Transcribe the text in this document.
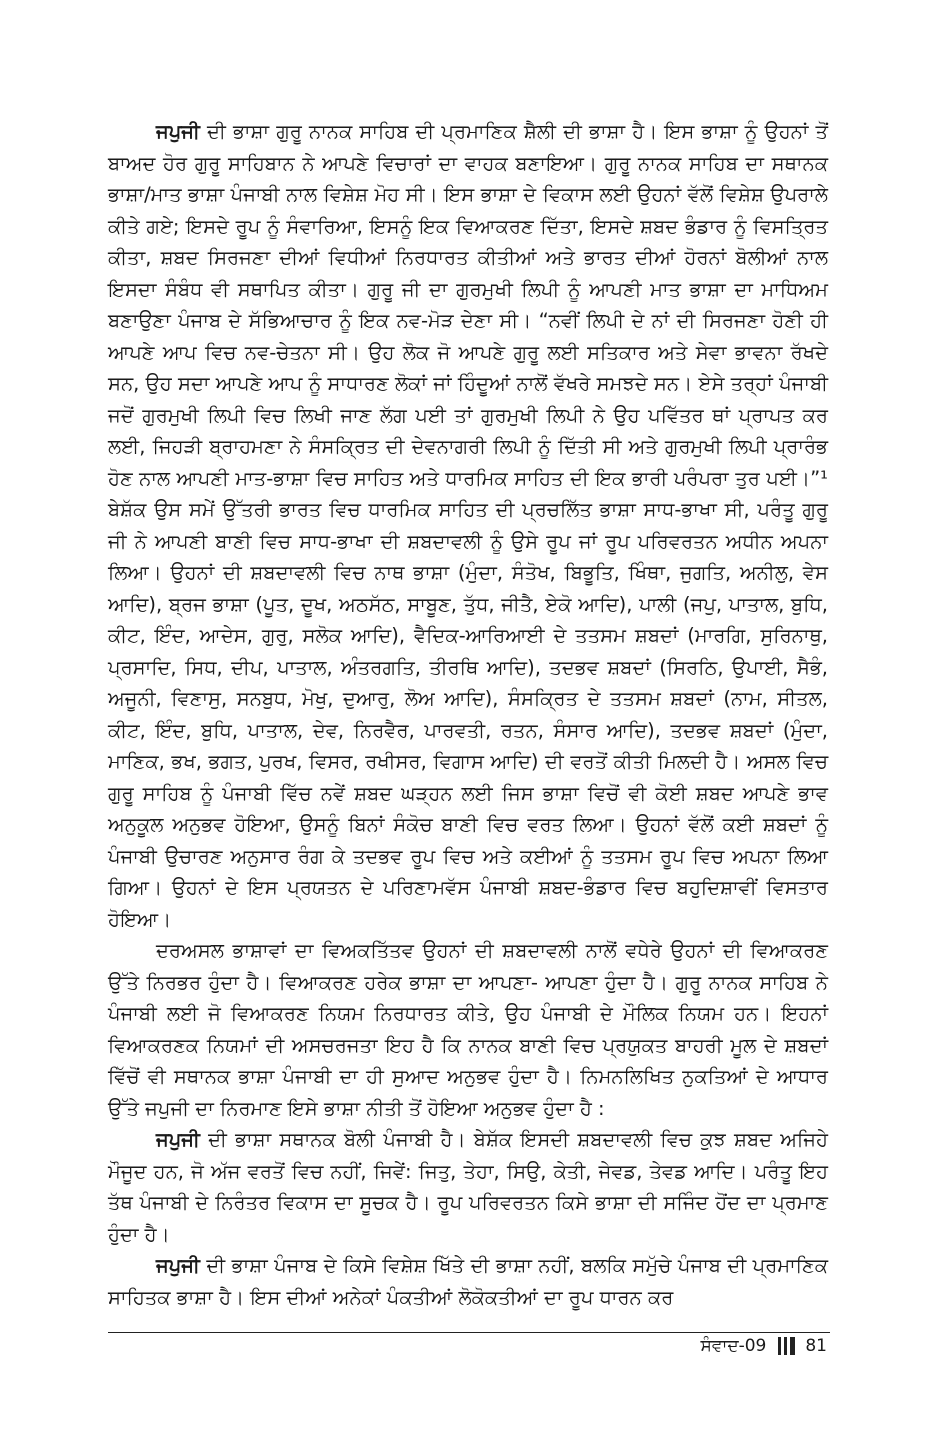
ਜਪੁਜੀ ਦੀ ਭਾਸ਼ਾ ਗੁਰੂ ਨਾਨਕ ਸਾਹਿਬ ਦੀ ਪ੍ਰਮਾਣਿਕ ਸ਼ੈਲੀ ਦੀ ਭਾਸ਼ਾ ਹੈ। ਇਸ ਭਾਸ਼ਾ ਨੂੰ ਉਹਨਾਂ ਤੋਂ ਬਾਅਦ ਹੋਰ ਗੁਰੂ ਸਾਹਿਬਾਨ ਨੇ ਆਪਣੇ ਵਿਚਾਰਾਂ ਦਾ ਵਾਹਕ ਬਣਾਇਆ। ਗੁਰੂ ਨਾਨਕ ਸਾਹਿਬ ਦਾ ਸਥਾਨਕ ਭਾਸ਼ਾ/ਮਾਤ ਭਾਸ਼ਾ ਪੰਜਾਬੀ ਨਾਲ ਵਿਸ਼ੇਸ਼ ਮੋਹ ਸੀ। ਇਸ ਭਾਸ਼ਾ ਦੇ ਵਿਕਾਸ ਲਈ ਉਹਨਾਂ ਵੱਲੋਂ ਵਿਸ਼ੇਸ਼ ਉਪਰਾਲੇ ਕੀਤੇ ਗਏ; ਇਸਦੇ ਰੂਪ ਨੂੰ ਸੰਵਾਰਿਆ, ਇਸਨੂੰ ਇਕ ਵਿਆਕਰਣ ਦਿੱਤਾ, ਇਸਦੇ ਸ਼ਬਦ ਭੰਡਾਰ ਨੂੰ ਵਿਸਤ੍ਰਿਤ ਕੀਤਾ, ਸ਼ਬਦ ਸਿਰਜਣਾ ਦੀਆਂ ਵਿਧੀਆਂ ਨਿਰਧਾਰਤ ਕੀਤੀਆਂ ਅਤੇ ਭਾਰਤ ਦੀਆਂ ਹੋਰਨਾਂ ਬੋਲੀਆਂ ਨਾਲ ਇਸਦਾ ਸੰਬੰਧ ਵੀ ਸਥਾਪਿਤ ਕੀਤਾ। ਗੁਰੂ ਜੀ ਦਾ ਗੁਰਮੁਖੀ ਲਿਪੀ ਨੂੰ ਆਪਣੀ ਮਾਤ ਭਾਸ਼ਾ ਦਾ ਮਾਧਿਅਮ ਬਣਾਉਣਾ ਪੰਜਾਬ ਦੇ ਸੱਭਿਆਚਾਰ ਨੂੰ ਇਕ ਨਵ-ਮੋੜ ਦੇਣਾ ਸੀ। “ਨਵੀਂ ਲਿਪੀ ਦੇ ਨਾਂ ਦੀ ਸਿਰਜਣਾ ਹੋਣੀ ਹੀ ਆਪਣੇ ਆਪ ਵਿਚ ਨਵ-ਚੇਤਨਾ ਸੀ। ਉਹ ਲੋਕ ਜੋ ਆਪਣੇ ਗੁਰੂ ਲਈ ਸਤਿਕਾਰ ਅਤੇ ਸੇਵਾ ਭਾਵਨਾ ਰੱਖਦੇ ਸਨ, ਉਹ ਸਦਾ ਆਪਣੇ ਆਪ ਨੂੰ ਸਾਧਾਰਣ ਲੋਕਾਂ ਜਾਂ ਹਿੰਦੂਆਂ ਨਾਲੋਂ ਵੱਖਰੇ ਸਮਝਦੇ ਸਨ। ਏਸੇ ਤਰ੍ਹਾਂ ਪੰਜਾਬੀ ਜਦੋਂ ਗੁਰਮੁਖੀ ਲਿਪੀ ਵਿਚ ਲਿਖੀ ਜਾਣ ਲੱਗ ਪਈ ਤਾਂ ਗੁਰਮੁਖੀ ਲਿਪੀ ਨੇ ਉਹ ਪਵਿੱਤਰ ਥਾਂ ਪ੍ਰਾਪਤ ਕਰ ਲਈ, ਜਿਹੜੀ ਬ੍ਰਾਹਮਣਾ ਨੇ ਸੰਸਕ੍ਰਿਤ ਦੀ ਦੇਵਨਾਗਰੀ ਲਿਪੀ ਨੂੰ ਦਿੱਤੀ ਸੀ ਅਤੇ ਗੁਰਮੁਖੀ ਲਿਪੀ ਪ੍ਰਾਰੰਭ ਹੋਣ ਨਾਲ ਆਪਣੀ ਮਾਤ-ਭਾਸ਼ਾ ਵਿਚ ਸਾਹਿਤ ਅਤੇ ਧਾਰਮਿਕ ਸਾਹਿਤ ਦੀ ਇਕ ਭਾਰੀ ਪਰੰਪਰਾ ਤੁਰ ਪਈ।”¹ ਬੇਸ਼ੱਕ ਉਸ ਸਮੇਂ ਉੱਤਰੀ ਭਾਰਤ ਵਿਚ ਧਾਰਮਿਕ ਸਾਹਿਤ ਦੀ ਪ੍ਰਚਲਿੱਤ ਭਾਸ਼ਾ ਸਾਧ-ਭਾਖਾ ਸੀ, ਪਰੰਤੂ ਗੁਰੂ ਜੀ ਨੇ ਆਪਣੀ ਬਾਣੀ ਵਿਚ ਸਾਧ-ਭਾਖਾ ਦੀ ਸ਼ਬਦਾਵਲੀ ਨੂੰ ਉਸੇ ਰੂਪ ਜਾਂ ਰੂਪ ਪਰਿਵਰਤਨ ਅਧੀਨ ਅਪਨਾ ਲਿਆ। ਉਹਨਾਂ ਦੀ ਸ਼ਬਦਾਵਲੀ ਵਿਚ ਨਾਥ ਭਾਸ਼ਾ (ਮੁੰਦਾ, ਸੰਤੋਖ, ਬਿਭੂਤਿ, ਖਿੰਥਾ, ਜੁਗਤਿ, ਅਨੀਲੁ, ਵੇਸ ਆਦਿ), ਬ੍ਰਜ ਭਾਸ਼ਾ (ਪੂਤ, ਦੂਖ, ਅਠਸੱਠ, ਸਾਬੂਣ, ਤੁੱਧ, ਜੀਤੈ, ਏਕੋ ਆਦਿ), ਪਾਲੀ (ਜਪੁ, ਪਾਤਾਲ, ਬੁਧਿ, ਕੀਟ, ਇੰਦ, ਆਦੇਸ, ਗੁਰੁ, ਸਲੋਕ ਆਦਿ), ਵੈਦਿਕ-ਆਰਿਆਈ ਦੇ ਤਤਸਮ ਸ਼ਬਦਾਂ (ਮਾਰਗਿ, ਸੁਰਿਨਾਥੁ, ਪ੍ਰਸਾਦਿ, ਸਿਧ, ਦੀਪ, ਪਾਤਾਲ, ਅੰਤਰਗਤਿ, ਤੀਰਥਿ ਆਦਿ), ਤਦਭਵ ਸ਼ਬਦਾਂ (ਸਿਰਠਿ, ਉਪਾਈ, ਸੈਭੰ, ਅਜੂਨੀ, ਵਿਣਾਸੁ, ਸਨਬੁਧ, ਮੋਖੁ, ਦੁਆਰੁ, ਲੋਅ ਆਦਿ), ਸੰਸਕ੍ਰਿਤ ਦੇ ਤਤਸਮ ਸ਼ਬਦਾਂ (ਨਾਮ, ਸੀਤਲ, ਕੀਟ, ਇੰਦ, ਬੁਧਿ, ਪਾਤਾਲ, ਦੇਵ, ਨਿਰਵੈਰ, ਪਾਰਵਤੀ, ਰਤਨ, ਸੰਸਾਰ ਆਦਿ), ਤਦਭਵ ਸ਼ਬਦਾਂ (ਮੁੰਦਾ, ਮਾਣਿਕ, ਭਖ, ਭਗਤ, ਪੁਰਖ, ਵਿਸਰ, ਰਖੀਸਰ, ਵਿਗਾਸ ਆਦਿ) ਦੀ ਵਰਤੋਂ ਕੀਤੀ ਮਿਲਦੀ ਹੈ। ਅਸਲ ਵਿਚ ਗੁਰੂ ਸਾਹਿਬ ਨੂੰ ਪੰਜਾਬੀ ਵਿੱਚ ਨਵੇਂ ਸ਼ਬਦ ਘੜ੍ਹਨ ਲਈ ਜਿਸ ਭਾਸ਼ਾ ਵਿਚੋਂ ਵੀ ਕੋਈ ਸ਼ਬਦ ਆਪਣੇ ਭਾਵ ਅਨੁਕੂਲ ਅਨੁਭਵ ਹੋਇਆ, ਉਸਨੂੰ ਬਿਨਾਂ ਸੰਕੋਚ ਬਾਣੀ ਵਿਚ ਵਰਤ ਲਿਆ। ਉਹਨਾਂ ਵੱਲੋਂ ਕਈ ਸ਼ਬਦਾਂ ਨੂੰ ਪੰਜਾਬੀ ਉਚਾਰਣ ਅਨੁਸਾਰ ਰੰਗ ਕੇ ਤਦਭਵ ਰੂਪ ਵਿਚ ਅਤੇ ਕਈਆਂ ਨੂੰ ਤਤਸਮ ਰੂਪ ਵਿਚ ਅਪਨਾ ਲਿਆ ਗਿਆ। ਉਹਨਾਂ ਦੇ ਇਸ ਪ੍ਰਯਤਨ ਦੇ ਪਰਿਣਾਮਵੱਸ ਪੰਜਾਬੀ ਸ਼ਬਦ-ਭੰਡਾਰ ਵਿਚ ਬਹੁਦਿਸ਼ਾਵੀਂ ਵਿਸਤਾਰ ਹੋਇਆ।

ਦਰਅਸਲ ਭਾਸ਼ਾਵਾਂ ਦਾ ਵਿਅਕਤਿੱਤਵ ਉਹਨਾਂ ਦੀ ਸ਼ਬਦਾਵਲੀ ਨਾਲੋਂ ਵਧੇਰੇ ਉਹਨਾਂ ਦੀ ਵਿਆਕਰਣ ਉੱਤੇ ਨਿਰਭਰ ਹੁੰਦਾ ਹੈ। ਵਿਆਕਰਣ ਹਰੇਕ ਭਾਸ਼ਾ ਦਾ ਆਪਣਾ- ਆਪਣਾ ਹੁੰਦਾ ਹੈ। ਗੁਰੂ ਨਾਨਕ ਸਾਹਿਬ ਨੇ ਪੰਜਾਬੀ ਲਈ ਜੋ ਵਿਆਕਰਣ ਨਿਯਮ ਨਿਰਧਾਰਤ ਕੀਤੇ, ਉਹ ਪੰਜਾਬੀ ਦੇ ਮੌਲਿਕ ਨਿਯਮ ਹਨ। ਇਹਨਾਂ ਵਿਆਕਰਣਕ ਨਿਯਮਾਂ ਦੀ ਅਸਚਰਜਤਾ ਇਹ ਹੈ ਕਿ ਨਾਨਕ ਬਾਣੀ ਵਿਚ ਪ੍ਰਯੁਕਤ ਬਾਹਰੀ ਮੂਲ ਦੇ ਸ਼ਬਦਾਂ ਵਿੱਚੋਂ ਵੀ ਸਥਾਨਕ ਭਾਸ਼ਾ ਪੰਜਾਬੀ ਦਾ ਹੀ ਸੁਆਦ ਅਨੁਭਵ ਹੁੰਦਾ ਹੈ। ਨਿਮਨਲਿਖਿਤ ਨੁਕਤਿਆਂ ਦੇ ਆਧਾਰ ਉੱਤੇ ਜਪੁਜੀ ਦਾ ਨਿਰਮਾਣ ਇਸੇ ਭਾਸ਼ਾ ਨੀਤੀ ਤੋਂ ਹੋਇਆ ਅਨੁਭਵ ਹੁੰਦਾ ਹੈ :

ਜਪੁਜੀ ਦੀ ਭਾਸ਼ਾ ਸਥਾਨਕ ਬੋਲੀ ਪੰਜਾਬੀ ਹੈ। ਬੇਸ਼ੱਕ ਇਸਦੀ ਸ਼ਬਦਾਵਲੀ ਵਿਚ ਕੁਝ ਸ਼ਬਦ ਅਜਿਹੇ ਮੌਜੂਦ ਹਨ, ਜੋ ਅੱਜ ਵਰਤੋਂ ਵਿਚ ਨਹੀਂ, ਜਿਵੇਂ: ਜਿਤੁ, ਤੇਹਾ, ਸਿਉ, ਕੇਤੀ, ਜੇਵਡ, ਤੇਵਡ ਆਦਿ। ਪਰੰਤੂ ਇਹ ਤੱਥ ਪੰਜਾਬੀ ਦੇ ਨਿਰੰਤਰ ਵਿਕਾਸ ਦਾ ਸੂਚਕ ਹੈ। ਰੂਪ ਪਰਿਵਰਤਨ ਕਿਸੇ ਭਾਸ਼ਾ ਦੀ ਸਜਿੰਦ ਹੋਂਦ ਦਾ ਪ੍ਰਮਾਣ ਹੁੰਦਾ ਹੈ।

ਜਪੁਜੀ ਦੀ ਭਾਸ਼ਾ ਪੰਜਾਬ ਦੇ ਕਿਸੇ ਵਿਸ਼ੇਸ਼ ਖਿੱਤੇ ਦੀ ਭਾਸ਼ਾ ਨਹੀਂ, ਬਲਕਿ ਸਮੁੱਚੇ ਪੰਜਾਬ ਦੀ ਪ੍ਰਮਾਣਿਕ ਸਾਹਿਤਕ ਭਾਸ਼ਾ ਹੈ। ਇਸ ਦੀਆਂ ਅਨੇਕਾਂ ਪੰਕਤੀਆਂ ਲੋਕੋਕਤੀਆਂ ਦਾ ਰੂਪ ਧਾਰਨ ਕਰ

ਸੰਵਾਦ-09 81
